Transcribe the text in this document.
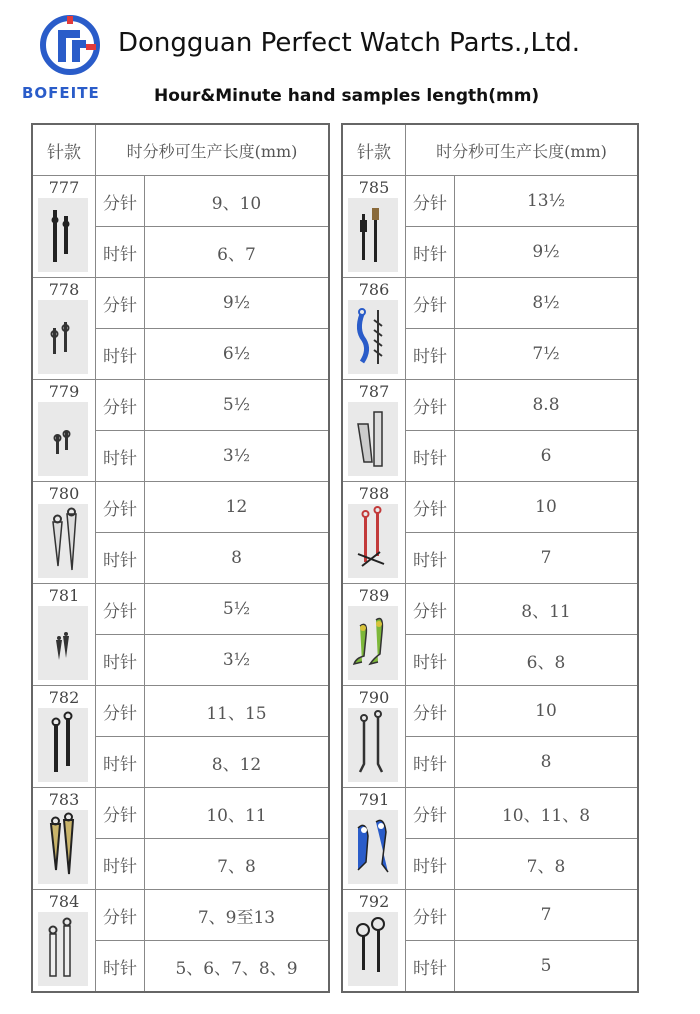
BOFEITE
Dongguan Perfect Watch Parts.,Ltd.
Hour&Minute hand samples length(mm)
针款	时分秒可生产长度(mm)
777
分针	9、10
时针	6、7
778
分针	9½
时针	6½
779
分针	5½
时针	3½
780
分针	12
时针	8
781
分针	5½
时针	3½
782
分针	11、15
时针	8、12
783
分针	10、11
时针	7、8
784
分针	7、9至13
时针	5、6、7、8、9
针款	时分秒可生产长度(mm)
785
分针	13½
时针	9½
786
分针	8½
时针	7½
787
分针	8.8
时针	6
788
分针	10
时针	7
789
分针	8、11
时针	6、8
790
分针	10
时针	8
791
分针	10、11、8
时针	7、8
792
分针	7
时针	5
